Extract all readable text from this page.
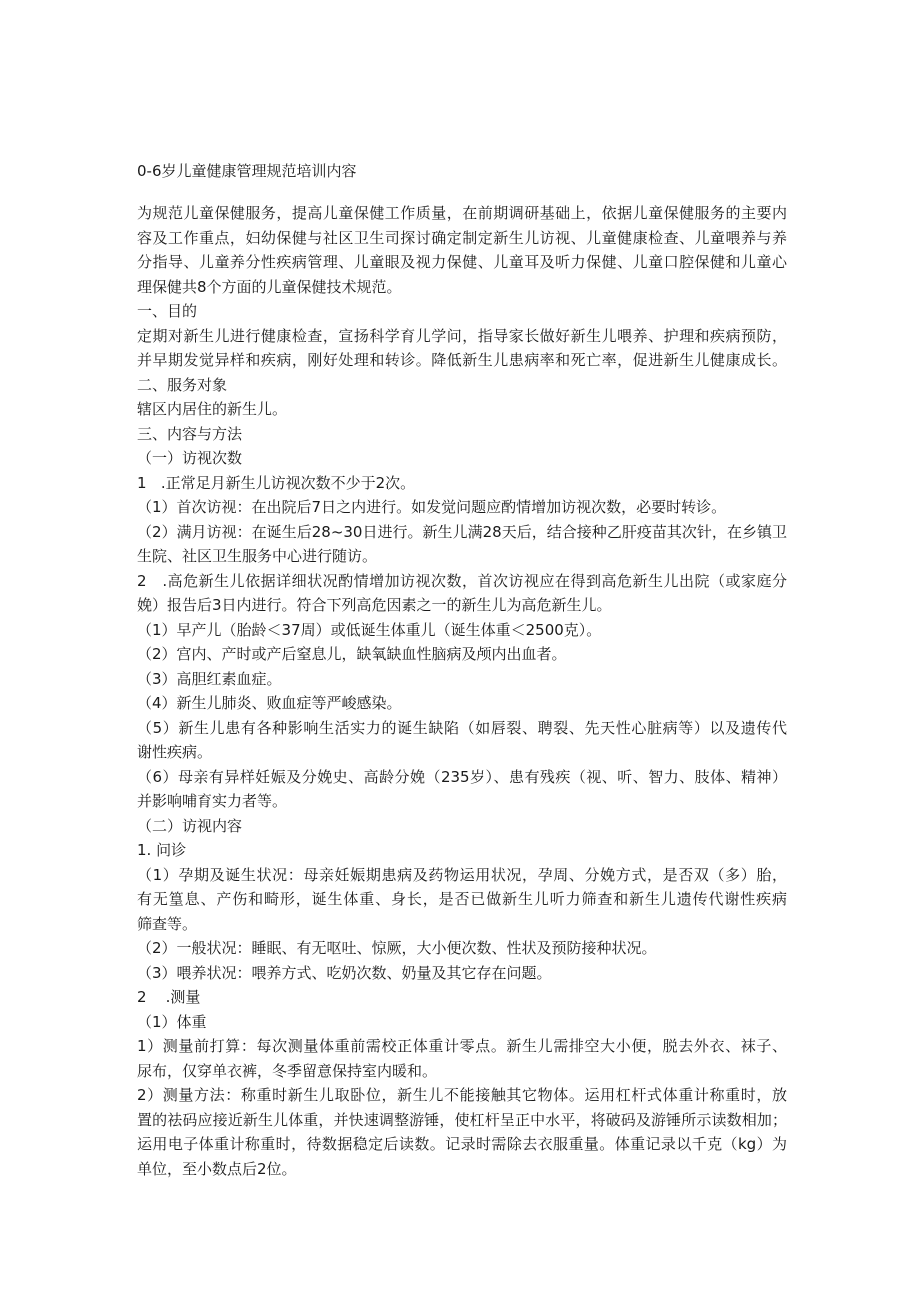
0-6岁儿童健康管理规范培训内容
为规范儿童保健服务，提高儿童保健工作质量，在前期调研基础上，依据儿童保健服务的主要内
容及工作重点，妇幼保健与社区卫生司探讨确定制定新生儿访视、儿童健康检查、儿童喂养与养
分指导、儿童养分性疾病管理、儿童眼及视力保健、儿童耳及听力保健、儿童口腔保健和儿童心
理保健共8个方面的儿童保健技术规范。
一、目的
定期对新生儿进行健康检查，宣扬科学育儿学问，指导家长做好新生儿喂养、护理和疾病预防，
并早期发觉异样和疾病，刚好处理和转诊。降低新生儿患病率和死亡率，促进新生儿健康成长。
二、服务对象
辖区内居住的新生儿。
三、内容与方法
（一）访视次数
1   .正常足月新生儿访视次数不少于2次。
（1）首次访视：在出院后7日之内进行。如发觉问题应酌情增加访视次数，必要时转诊。
（2）满月访视：在诞生后28~30日进行。新生儿满28天后，结合接种乙肝疫苗其次针，在乡镇卫
生院、社区卫生服务中心进行随访。
2   .高危新生儿依据详细状况酌情增加访视次数，首次访视应在得到高危新生儿出院（或家庭分
娩）报告后3日内进行。符合下列高危因素之一的新生儿为高危新生儿。
（1）早产儿（胎龄＜37周）或低诞生体重儿（诞生体重＜2500克）。
（2）宫内、产时或产后窒息儿，缺氧缺血性脑病及颅内出血者。
（3）高胆红素血症。
（4）新生儿肺炎、败血症等严峻感染。
（5）新生儿患有各种影响生活实力的诞生缺陷（如唇裂、聘裂、先天性心脏病等）以及遗传代
谢性疾病。
（6）母亲有异样妊娠及分娩史、高龄分娩（235岁）、患有残疾（视、听、智力、肢体、精神）
并影响哺育实力者等。
（二）访视内容
1. 问诊
（1）孕期及诞生状况：母亲妊娠期患病及药物运用状况，孕周、分娩方式，是否双（多）胎，
有无篁息、产伤和畸形，诞生体重、身长，是否已做新生儿听力筛查和新生儿遗传代谢性疾病
筛查等。
（2）一般状况：睡眠、有无呕吐、惊厥，大小便次数、性状及预防接种状况。
（3）喂养状况：喂养方式、吃奶次数、奶量及其它存在问题。
2    .测量
（1）体重
1）测量前打算：每次测量体重前需校正体重计零点。新生儿需排空大小便，脱去外衣、袜子、
尿布，仅穿单衣裤，冬季留意保持室内暖和。
2）测量方法：称重时新生儿取卧位，新生儿不能接触其它物体。运用杠杆式体重计称重时，放
置的祛码应接近新生儿体重，并快速调整游锤，使杠杆呈正中水平，将破码及游锤所示读数相加；
运用电子体重计称重时，待数据稳定后读数。记录时需除去衣服重量。体重记录以千克（kg）为
单位，至小数点后2位。
